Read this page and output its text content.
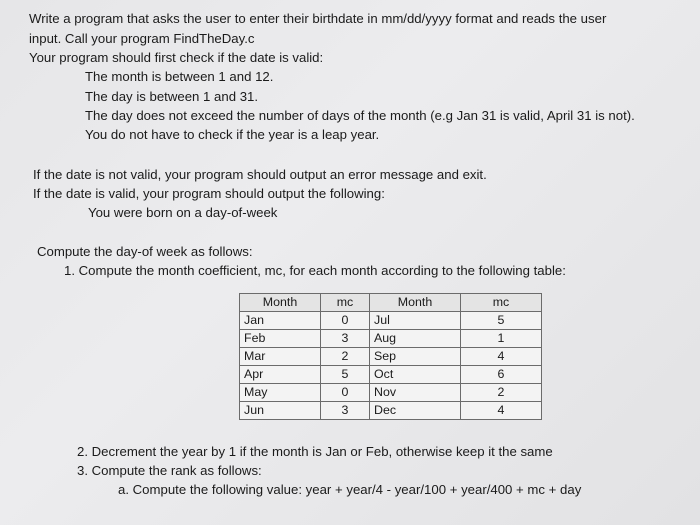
Write a program that asks the user to enter their birthdate in mm/dd/yyyy format and reads the user
input. Call your program FindTheDay.c
Your program should first check if the date is valid:
The month is between 1 and 12.
The day is between 1 and 31.
The day does not exceed the number of days of the month (e.g Jan 31 is valid, April 31 is not).
You do not have to check if the year is a leap year.
If the date is not valid, your program should output an error message and exit.
If the date is valid, your program should output the following:
You were born on a day-of-week
Compute the day-of week as follows:
1. Compute the month coefficient, mc, for each month according to the following table:
Month	mc	Month	mc
Jan	0	Jul	5
Feb	3	Aug	1
Mar	2	Sep	4
Apr	5	Oct	6
May	0	Nov	2
Jun	3	Dec	4
2. Decrement the year by 1 if the month is Jan or Feb, otherwise keep it the same
3. Compute the rank as follows:
a. Compute the following value: year + year/4 - year/100 + year/400 + mc + day
